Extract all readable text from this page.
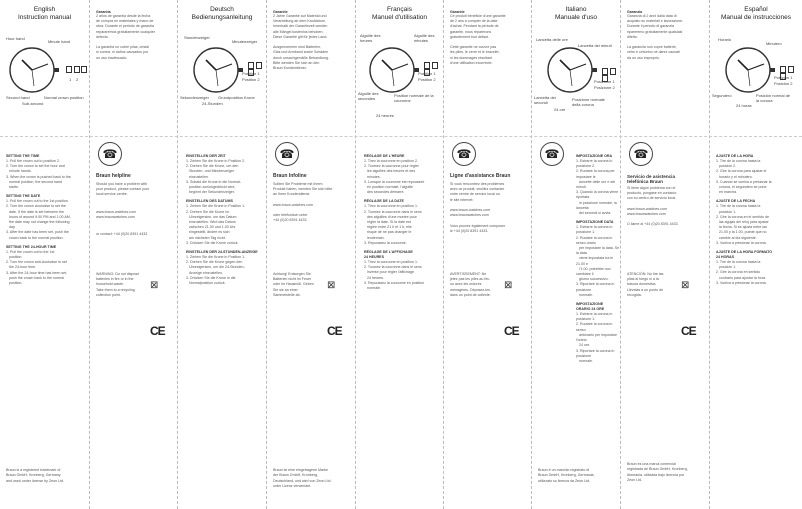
English
Instruction manual
Hour hand
Minute hand
Second hand
Sub-second
Normal crown position
1 2
SETTING THE TIME
1. Pull the crown out to position 2.
2. Turn the crown to set the hour and
minute hands.
3. When the crown is pushed back to the
normal position, the second hand
starts.
SETTING THE DATE
1. Pull the crown out to the 1st position.
2. Turn the crown clockwise to set the
date. If the date is set between the
hours of around 9.00 PM and 1.00 AM,
the date may not change the following
day.
3. After the date has been set, push the
crown back to the normal position.
SETTING THE 24-HOUR TIME
1. Pull the crown out to the 1st
position.
2. Turn the crown anti-clockwise to set
the 24-hour time.
3. After the 24-hour time has been set,
push the crown back to the normal
position.
Braun is a registered trademark of
Braun GmbH, Kronberg, Germany
and used under license by Zeon Ltd.
☎
Braun helpline
Should you have a problem with
your product, please contact your
local service centre.
www.braun-watches.com
www.braunwatches.com
or contact: +44 (0)20 8391 4433
WARNING: Do not dispose
batteries in fire or in the
household waste.
Take them to a recycling
collection point.
⊠
CE
Deutsch
Bedienungsanleitung
Stundenzeiger
Minutenzeiger
Position 1
Position 2
Sekundenzeiger Grundposition Krone
24-Stunden
EINSTELLEN DER ZEIT
1. Ziehen Sie die Krone in Position 2.
2. Drehen Sie die Krone, um den
Stunden- und Minutenzeiger
einzustellen.
3. Sobald die Krone in die Normal-
position zurückgedrückt wird,
beginnt der Sekundenzeiger.
EINSTELLEN DES DATUMS
1. Ziehen Sie die Krone in Position 1.
2. Drehen Sie die Krone im
Uhrzeigersinn, um das Datum
einzustellen. Wird das Datum
zwischen 21.00 und 1.00 Uhr
eingestellt, ändert es sich
am nächsten Tag nicht.
3. Drücken Sie die Krone zurück.
EINSTELLEN DER 24-STUNDEN-ANZEIGE
1. Ziehen Sie die Krone in Position 1.
2. Drehen Sie die Krone gegen den
Uhrzeigersinn, um die 24-Stunden-
Anzeige einzustellen.
3. Drücken Sie die Krone in die
Normalposition zurück.
Garantie
2 Jahre Garantie auf Material und
Verarbeitung ab dem Kaufdatum.
Innerhalb der Garantiezeit werden
alle Mängel kostenlos behoben.
Diese Garantie gilt für jedes Land.

Ausgenommen sind Batterien,
Glas und Armband sowie Schäden
durch unsachgemäße Behandlung.
Bitte wenden Sie sich an den
Braun Kundendienst.
☎
Braun Infoline
Sollten Sie Probleme mit Ihrem
Produkt haben, wenden Sie sich bitte
an Ihren Kundendienst.

www.braun-watches.com

oder telefonisch unter
+44 (0)20 8391 4433
Achtung! Entsorgen Sie
Batterien nicht im Feuer
oder im Hausmüll. Geben
Sie sie an einer
Sammelstelle ab.
⊠
CE
Braun ist eine eingetragene Marke
der Braun GmbH, Kronberg,
Deutschland, und wird von Zeon Ltd.
unter Lizenz verwendet.
Français
Manuel d'utilisation
Aiguille des
heures
Aiguille des
minutes
Position 1
Position 2
Aiguille des
secondes	Position normale de la
couronne
24 heures
RÉGLAGE DE L'HEURE
1. Tirez la couronne en position 2.
2. Tournez la couronne pour régler
les aiguilles des heures et des
minutes.
3. Lorsque la couronne est repoussée
en position normale, l'aiguille
des secondes démarre.
RÉGLAGE DE LA DATE
1. Tirez la couronne en position 1.
2. Tournez la couronne dans le sens
des aiguilles d'une montre pour
régler la date. Si la date est
réglée entre 21 h et 1 h, elle
risque de ne pas changer le
lendemain.
3. Repoussez la couronne.
RÉGLAGE DE L'AFFICHAGE
24 HEURES
1. Tirez la couronne en position 1.
2. Tournez la couronne dans le sens
inverse pour régler l'affichage
24 heures.
3. Repoussez la couronne en position
normale.
Garantie
Ce produit bénéficie d'une garantie
de 2 ans à compter de la date
d'achat. Pendant la période de
garantie, nous réparerons
gratuitement tout défaut.

Cette garantie ne couvre pas
les piles, le verre et le bracelet,
ni les dommages résultant
d'une utilisation incorrecte.
☎
Ligne d'assistance Braun
Si vous rencontrez des problèmes
avec ce produit, veuillez contacter
votre centre de service local ou
le site internet:

www.braun-watches.com
www.braunwatches.com

Vous pouvez également composer
le +44 (0)20 8391 4433.
AVERTISSEMENT: Ne
jetez pas les piles au feu
ou avec les ordures
ménagères. Déposez-les
dans un point de collecte.
⊠
CE
Italiano
Manuale d'uso
Lancetta delle ore
Lancetta dei minuti
Posizione 1
Posizione 2
Lancetta dei
secondi	Posizione normale
della corona
24 ore
☎	IMPOSTAZIONE ORA
1. Estrarre la corona in posizione 2.
2. Ruotare la corona per impostare le
lancette delle ore e dei minuti.
3. Quando la corona viene riportata
in posizione normale, la lancetta
dei secondi si avvia.
IMPOSTAZIONE DATA
1. Estrarre la corona in posizione 1.
2. Ruotare la corona in senso orario
per impostare la data. Se la data
viene impostata tra le 21.00 e
l'1.00, potrebbe non cambiare il
giorno successivo.
3. Riportare la corona in posizione
normale.
IMPOSTAZIONE ORARIO 24 ORE
1. Estrarre la corona in posizione 1.
2. Ruotare la corona in senso
antiorario per impostare l'orario
24 ore.
3. Riportare la corona in posizione
normale.
Braun è un marchio registrato di
Braun GmbH, Kronberg, Germania,
utilizzato su licenza da Zeon Ltd.
Garanzia
Garanzia di 2 anni dalla data di
acquisto su materiali e lavorazione.
Durante il periodo di garanzia
ripareremo gratuitamente qualsiasi
difetto.

La garanzia non copre batterie,
vetro e cinturino né danni causati
da un uso improprio.
☎
Servicio de asistencia
telefónica Braun
Si tiene algún problema con el
producto, póngase en contacto
con su centro de servicio local.

www.braun-watches.com
www.braunwatches.com

O llame al +44 (0)20 8391 4433
ATENCIÓN: No tire las
pilas al fuego ni a la
basura doméstica.
Llévelas a un punto de
recogida.
⊠
CE
Braun es una marca comercial
registrada de Braun GmbH, Kronberg,
Alemania, utilizada bajo licencia por
Zeon Ltd.
Español
Manual de instrucciones
Horario
Minutero
Posición 1
Posición 2
Segundero	Posición normal de
la corona
24 horas
AJUSTE DE LA HORA
1. Tire de la corona hasta la
posición 2.
2. Gire la corona para ajustar el
horario y el minutero.
3. Cuando se vuelva a presionar la
corona, el segundero se pone
en marcha.
AJUSTE DE LA FECHA
1. Tire de la corona hasta la
posición 1.
2. Gire la corona en el sentido de
las agujas del reloj para ajustar
la fecha. Si se ajusta entre las
21.00 y la 1.00, puede que no
cambie al día siguiente.
3. Vuelva a presionar la corona.
AJUSTE DE LA HORA FORMATO
24 HORAS
1. Tire de la corona hasta la
posición 1.
2. Gire la corona en sentido
contrario para ajustar la hora.
3. Vuelva a presionar la corona.
Garantía
2 años de garantía desde la fecha
de compra en materiales y mano de
obra. Durante el periodo de garantía
repararemos gratuitamente cualquier
defecto.

La garantía no cubre pilas, cristal
ni correa, ni daños causados por
un uso inadecuado.
